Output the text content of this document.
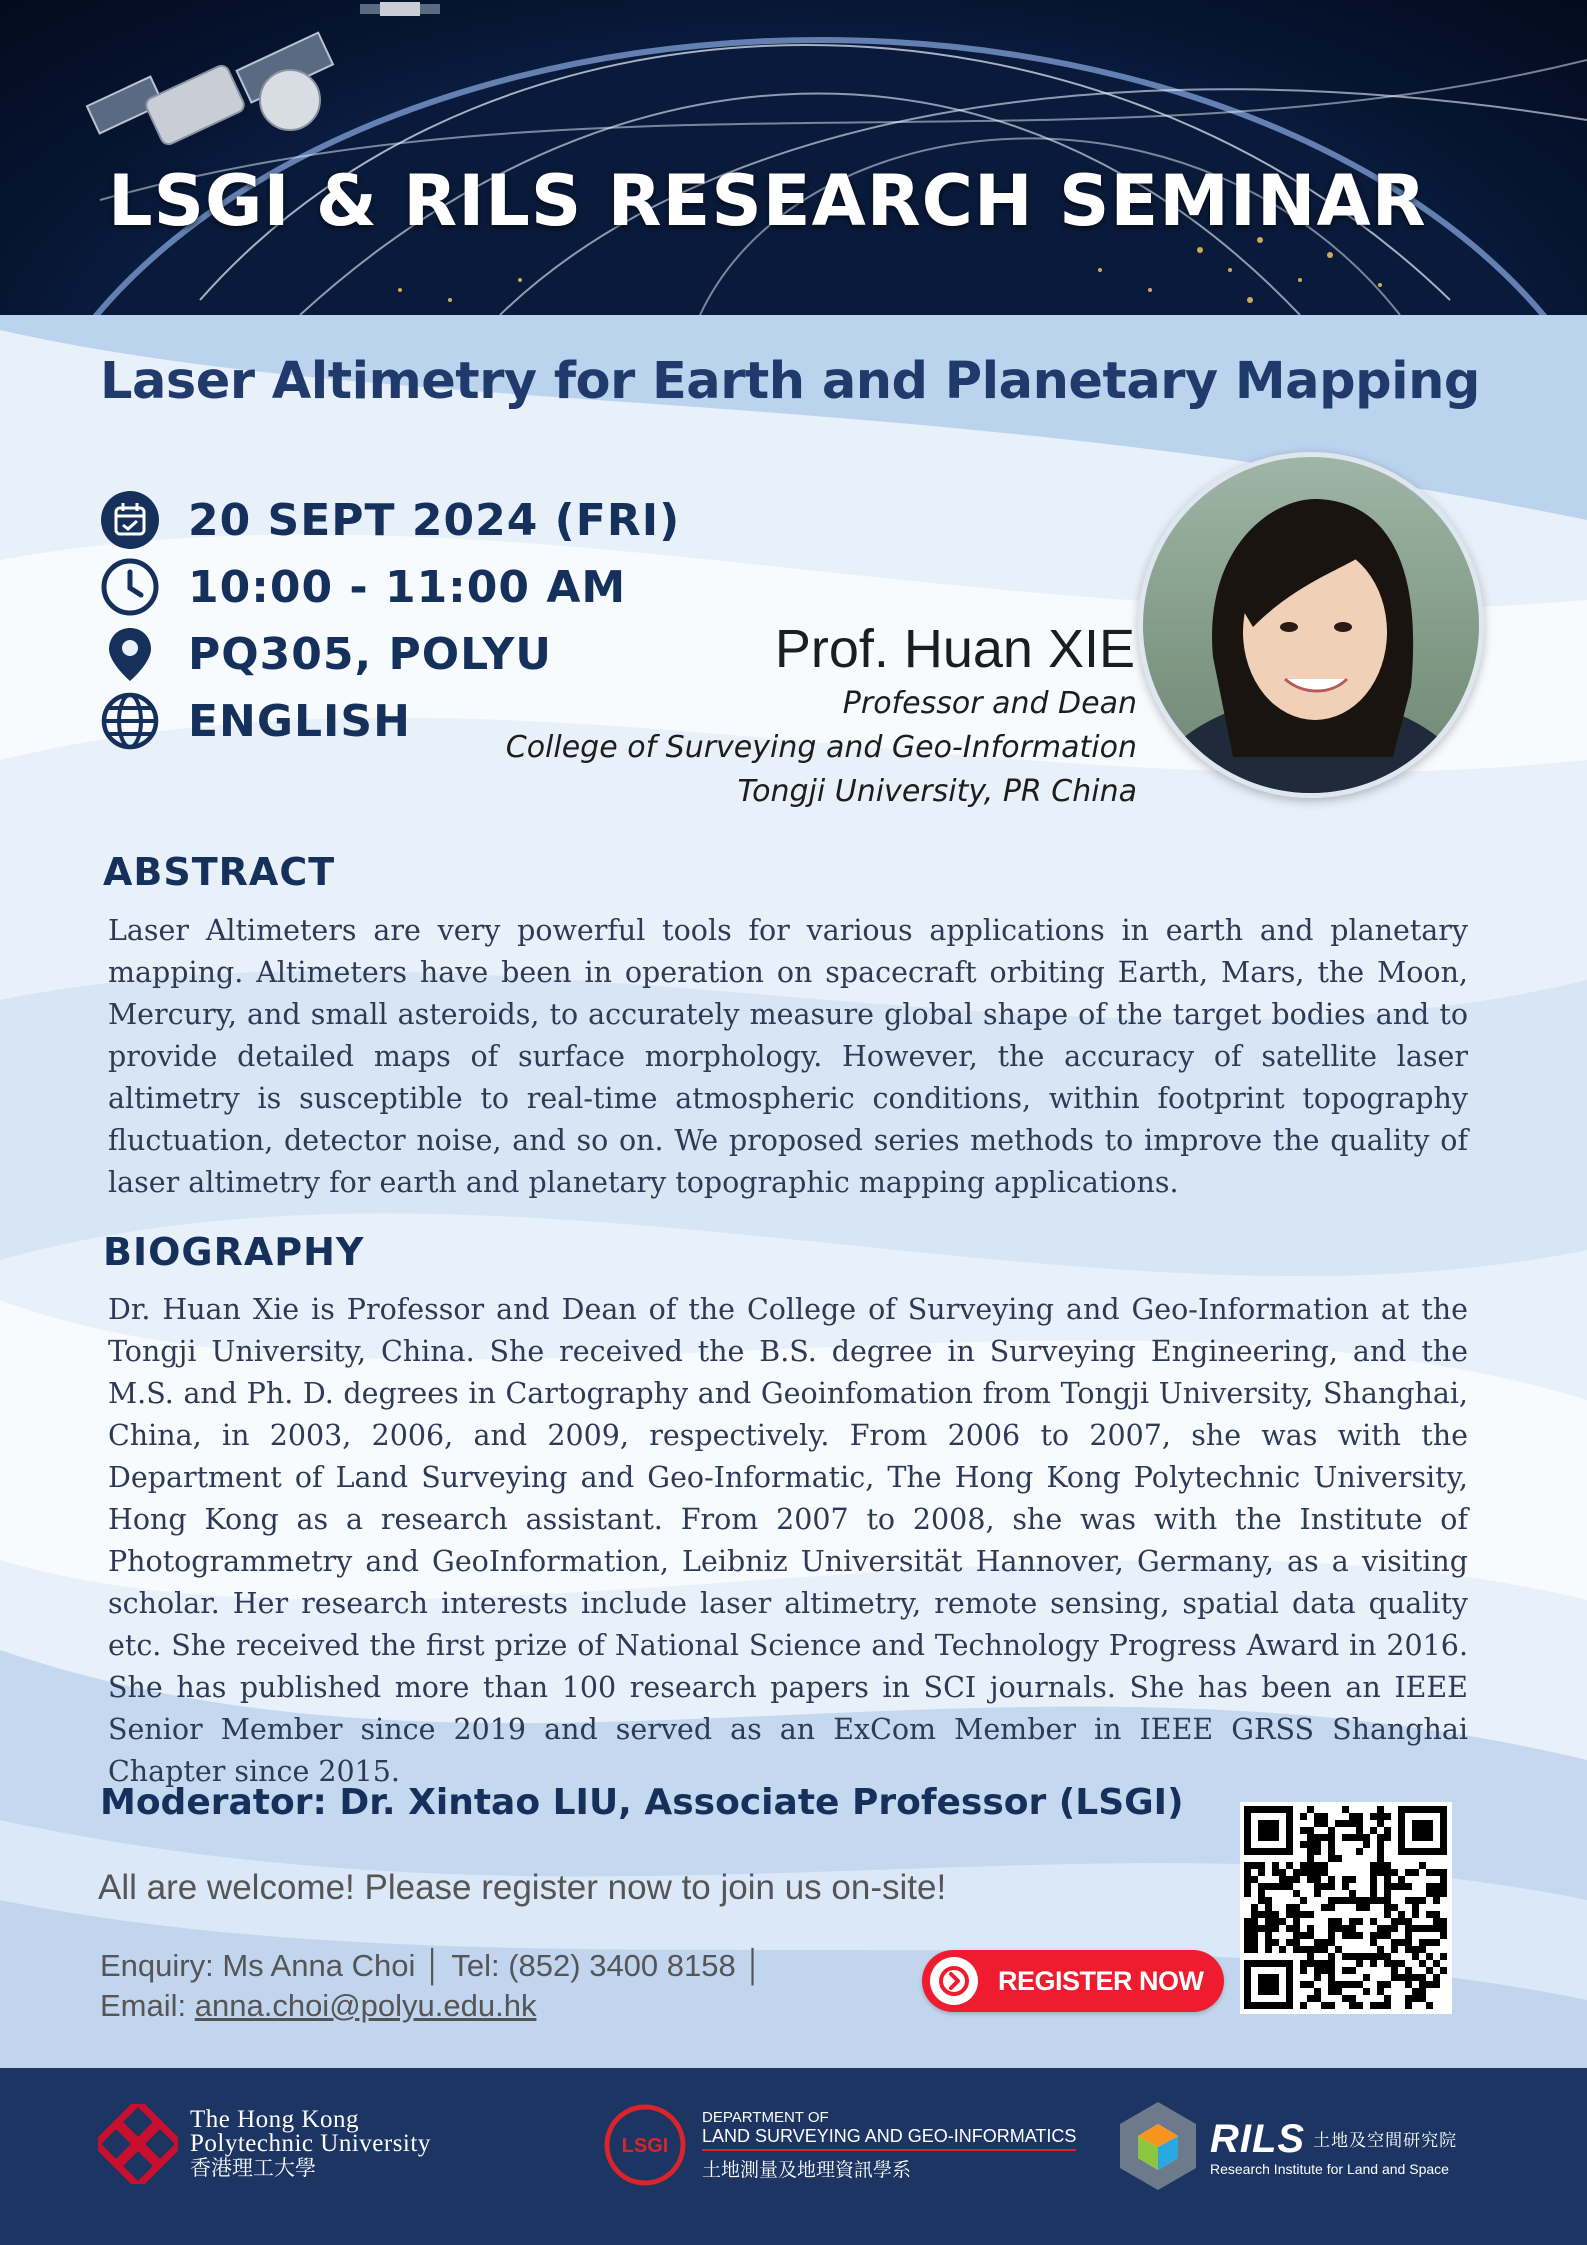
LSGI & RILS RESEARCH SEMINAR
Laser Altimetry for Earth and Planetary Mapping
20 SEPT 2024 (FRI)
10:00 - 11:00 AM
PQ305, POLYU
ENGLISH
Prof. Huan XIE
Professor and Dean
College of Surveying and Geo-Information
Tongji University, PR China
ABSTRACT
Laser Altimeters are very powerful tools for various applications in earth and planetary mapping. Altimeters have been in operation on spacecraft orbiting Earth, Mars, the Moon, Mercury, and small asteroids, to accurately measure global shape of the target bodies and to provide detailed maps of surface morphology. However, the accuracy of satellite laser altimetry is susceptible to real-time atmospheric conditions, within footprint topography fluctuation, detector noise, and so on. We proposed series methods to improve the quality of laser altimetry for earth and planetary topographic mapping applications.
BIOGRAPHY
Dr. Huan Xie is Professor and Dean of the College of Surveying and Geo-Information at the Tongji University, China. She received the B.S. degree in Surveying Engineering, and the M.S. and Ph. D. degrees in Cartography and Geoinfomation from Tongji University, Shanghai, China, in 2003, 2006, and 2009, respectively. From 2006 to 2007, she was with the Department of Land Surveying and Geo-Informatic, The Hong Kong Polytechnic University, Hong Kong as a research assistant. From 2007 to 2008, she was with the Institute of Photogrammetry and GeoInformation, Leibniz Universität Hannover, Germany, as a visiting scholar. Her research interests include laser altimetry, remote sensing, spatial data quality etc. She received the first prize of National Science and Technology Progress Award in 2016. She has published more than 100 research papers in SCI journals. She has been an IEEE Senior Member since 2019 and served as an ExCom Member in IEEE GRSS Shanghai Chapter since 2015.
Moderator: Dr. Xintao LIU, Associate Professor (LSGI)
All are welcome! Please register now to join us on-site!
Enquiry: Ms Anna Choi │ Tel: (852) 3400 8158 │
Email: anna.choi@polyu.edu.hk
REGISTER NOW
The Hong Kong
Polytechnic University
香港理工大學
LSGI
DEPARTMENT OF
LAND SURVEYING AND GEO-INFORMATICS
土地測量及地理資訊學系
RILS 土地及空間研究院
Research Institute for Land and Space
